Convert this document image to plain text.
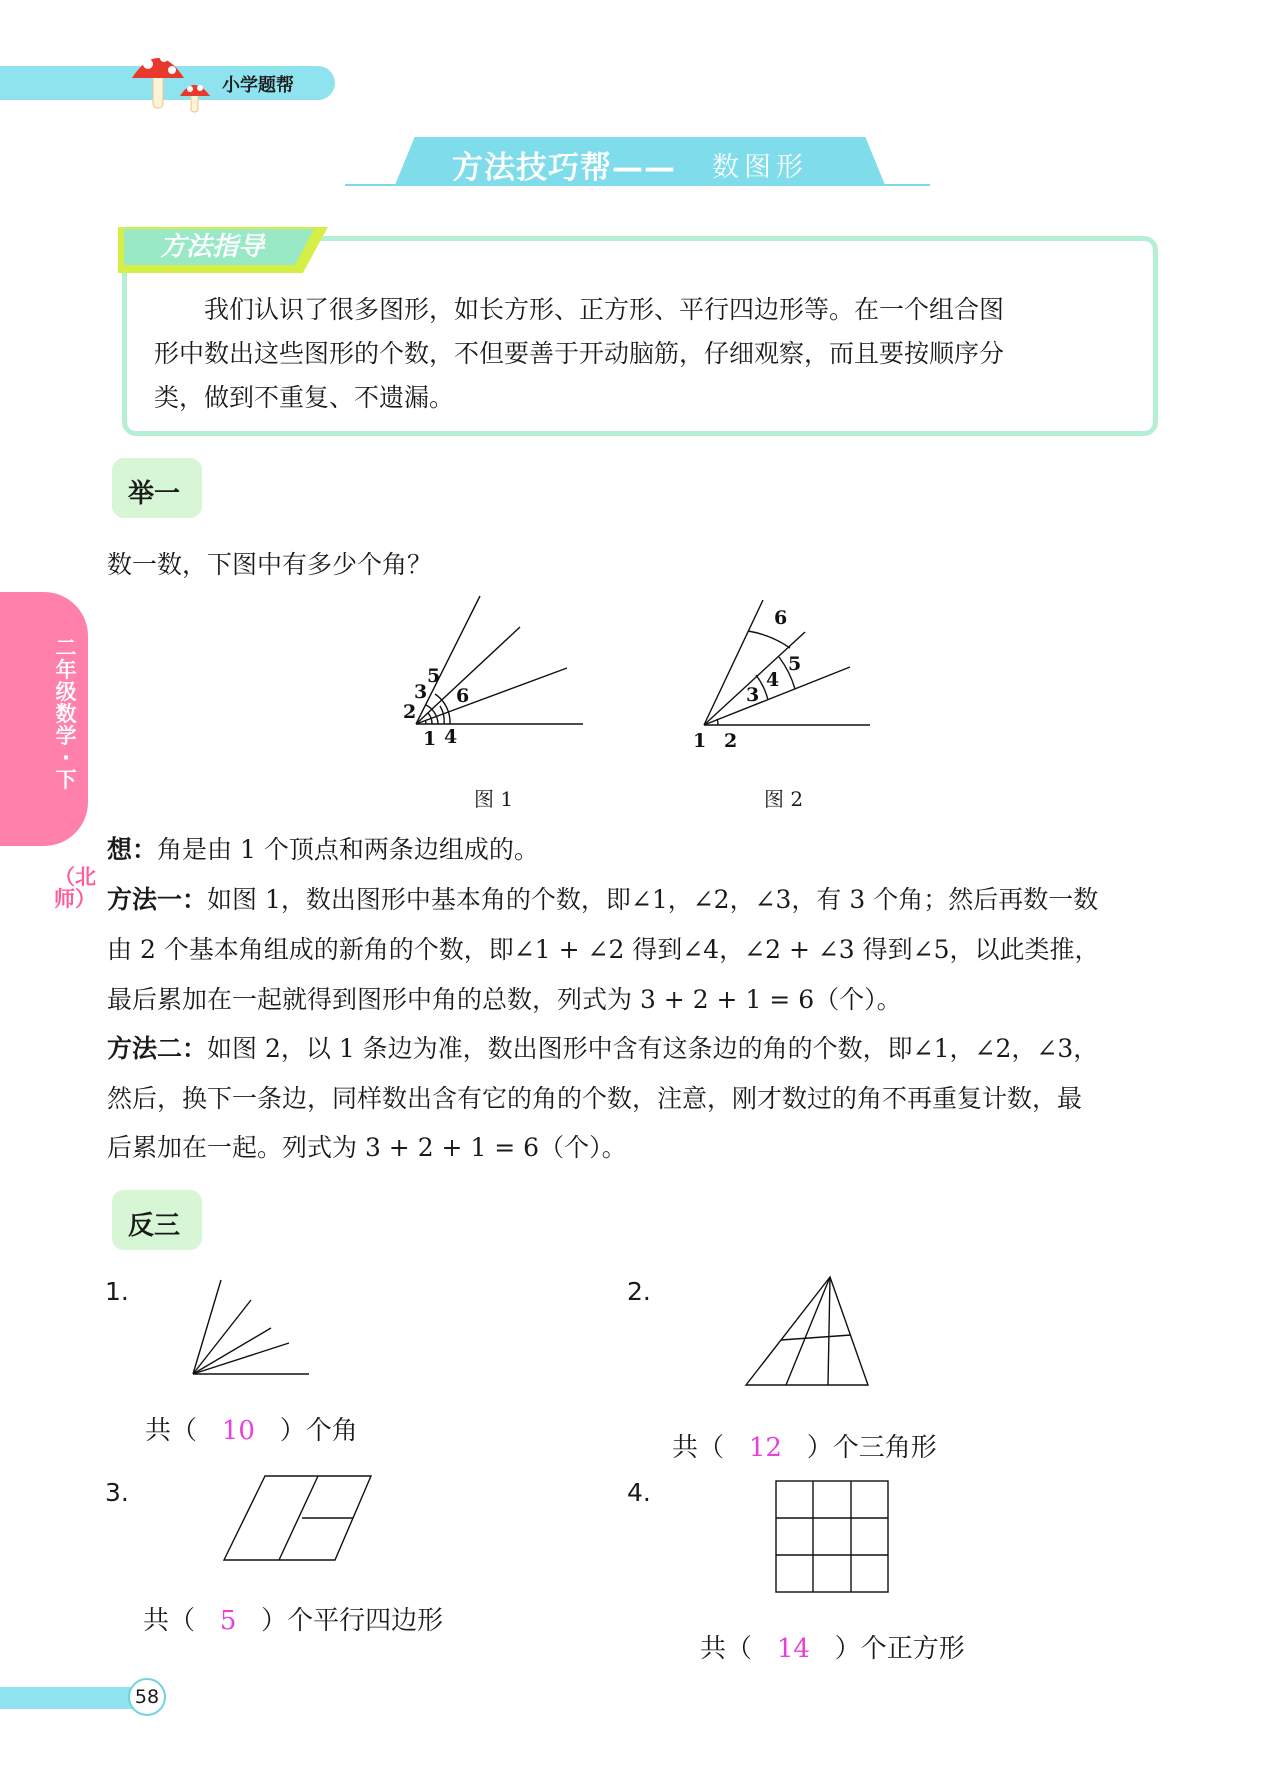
小学题帮
方法技巧帮—— 数图形
方法指导
　　我们认识了很多图形，如长方形、正方形、平行四边形等。在一个组合图
形中数出这些图形的个数，不但要善于开动脑筋，仔细观察，而且要按顺序分
类，做到不重复、不遗漏。
举一
数一数，下图中有多少个角？
5
3 6
2
1 4
图 1
6
5
4
3
1 2
图 2
想：角是由 1 个顶点和两条边组成的。
方法一：如图 1，数出图形中基本角的个数，即∠1，∠2，∠3，有 3 个角；然后再数一数
由 2 个基本角组成的新角的个数，即∠1 + ∠2 得到∠4，∠2 + ∠3 得到∠5，以此类推，
最后累加在一起就得到图形中角的总数，列式为 3 + 2 + 1 = 6（个）。
方法二：如图 2，以 1 条边为准，数出图形中含有这条边的角的个数，即∠1，∠2，∠3，
然后，换下一条边，同样数出含有它的角的个数，注意，刚才数过的角不再重复计数，最
后累加在一起。列式为 3 + 2 + 1 = 6（个）。
二年级数学·下
（北师）
反三
1.
共（ 10 ）个角
2.
共（ 12 ）个三角形
3.
共（ 5 ）个平行四边形
4.
共（ 14 ）个正方形
58
